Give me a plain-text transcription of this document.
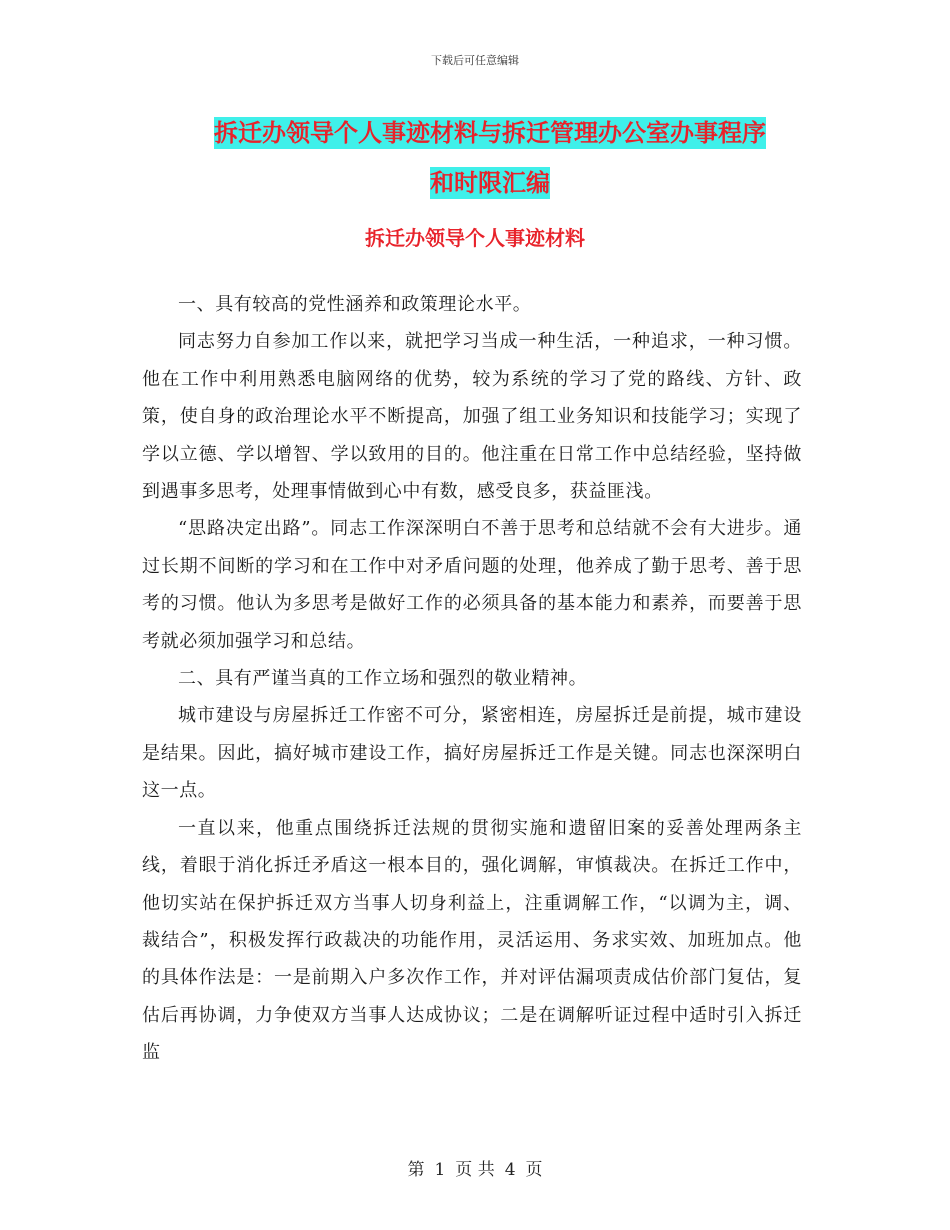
下载后可任意编辑
拆迁办领导个人事迹材料与拆迁管理办公室办事程序
和时限汇编
拆迁办领导个人事迹材料

一、具有较高的党性涵养和政策理论水平。

同志努力自参加工作以来，就把学习当成一种生活，一种追求，一种习惯。他在工作中利用熟悉电脑网络的优势，较为系统的学习了党的路线、方针、政策，使自身的政治理论水平不断提高，加强了组工业务知识和技能学习；实现了学以立德、学以增智、学以致用的目的。他注重在日常工作中总结经验，坚持做到遇事多思考，处理事情做到心中有数，感受良多，获益匪浅。

“思路决定出路”。同志工作深深明白不善于思考和总结就不会有大进步。通过长期不间断的学习和在工作中对矛盾问题的处理，他养成了勤于思考、善于思考的习惯。他认为多思考是做好工作的必须具备的基本能力和素养，而要善于思考就必须加强学习和总结。

二、具有严谨当真的工作立场和强烈的敬业精神。

城市建设与房屋拆迁工作密不可分，紧密相连，房屋拆迁是前提，城市建设是结果。因此，搞好城市建设工作，搞好房屋拆迁工作是关键。同志也深深明白这一点。

一直以来，他重点围绕拆迁法规的贯彻实施和遗留旧案的妥善处理两条主线，着眼于消化拆迁矛盾这一根本目的，强化调解，审慎裁决。在拆迁工作中，他切实站在保护拆迁双方当事人切身利益上，注重调解工作，“以调为主，调、裁结合”，积极发挥行政裁决的功能作用，灵活运用、务求实效、加班加点。他的具体作法是：一是前期入户多次作工作，并对评估漏项责成估价部门复估，复估后再协调，力争使双方当事人达成协议；二是在调解听证过程中适时引入拆迁监

第 1 页 共 4 页
